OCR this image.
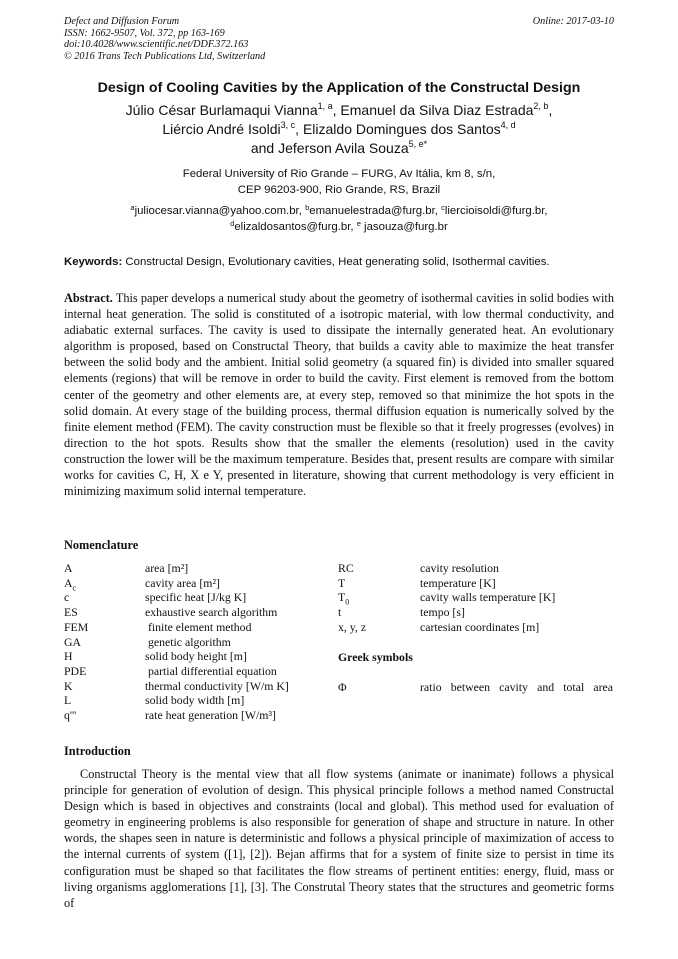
Defect and Diffusion Forum
ISSN: 1662-9507, Vol. 372, pp 163-169
doi:10.4028/www.scientific.net/DDF.372.163
© 2016 Trans Tech Publications Ltd, Switzerland
Online: 2017-03-10
Design of Cooling Cavities by the Application of the Constructal Design
Júlio César Burlamaqui Vianna$^{1, a}$, Emanuel da Silva Diaz Estrada$^{2, b}$,
Liércio André Isoldi$^{3, c}$, Elizaldo Domingues dos Santos$^{4, d}$
and Jeferson Avila Souza$^{5, e*}$
Federal University of Rio Grande – FURG, Av Itália, km 8, s/n,
CEP 96203-900, Rio Grande, RS, Brazil
$^a$juliocesar.vianna@yahoo.com.br, $^b$emanuelestrada@furg.br, $^c$liercioisoldi@furg.br,
$^d$elizaldosantos@furg.br, $^e$ jasouza@furg.br
Keywords: Constructal Design, Evolutionary cavities, Heat generating solid, Isothermal cavities.
Abstract. This paper develops a numerical study about the geometry of isothermal cavities in solid bodies with internal heat generation. The solid is constituted of a isotropic material, with low thermal conductivity, and adiabatic external surfaces. The cavity is used to dissipate the internally generated heat. An evolutionary algorithm is proposed, based on Constructal Theory, that builds a cavity able to maximize the heat transfer between the solid body and the ambient. Initial solid geometry (a squared fin) is divided into smaller squared elements (regions) that will be remove in order to build the cavity. First element is removed from the bottom center of the geometry and other elements are, at every step, removed so that minimize the hot spots in the solid domain. At every stage of the building process, thermal diffusion equation is numerically solved by the finite element method (FEM). The cavity construction must be flexible so that it freely progresses (evolves) in direction to the hot spots. Results show that the smaller the elements (resolution) used in the cavity construction the lower will be the maximum temperature. Besides that, present results are compare with similar works for cavities C, H, X e Y, presented in literature, showing that current methodology is very efficient in minimizing maximum solid internal temperature.
Nomenclature
A	area [m²]
$A_c$	cavity area [m²]
c	specific heat [J/kg K]
ES	exhaustive search algorithm
FEM	finite element method
GA	genetic algorithm
H	solid body height [m]
PDE	partial differential equation
K	thermal conductivity [W/m K]
L	solid body width [m]
q'''	rate heat generation [W/m³]
RC	cavity resolution
T	temperature [K]
$T_0$	cavity walls temperature [K]
t	tempo [s]
x, y, z	cartesian coordinates [m]
Greek symbols
Φ	ratio between cavity and total area
Introduction
Constructal Theory is the mental view that all flow systems (animate or inanimate) follows a physical principle for generation of evolution of design. This physical principle follows a method named Constructal Design which is based in objectives and constraints (local and global). This method used for evaluation of geometry in engineering problems is also responsible for generation of shape and structure in nature. In other words, the shapes seen in nature is deterministic and follows a physical principle of maximization of access to the internal currents of system ([1], [2]). Bejan affirms that for a system of finite size to persist in time its configuration must be shaped so that facilitates the flow streams of pertinent entities: energy, fluid, mass or living organisms agglomerations [1], [3]. The Construtal Theory states that the structures and geometric forms of
